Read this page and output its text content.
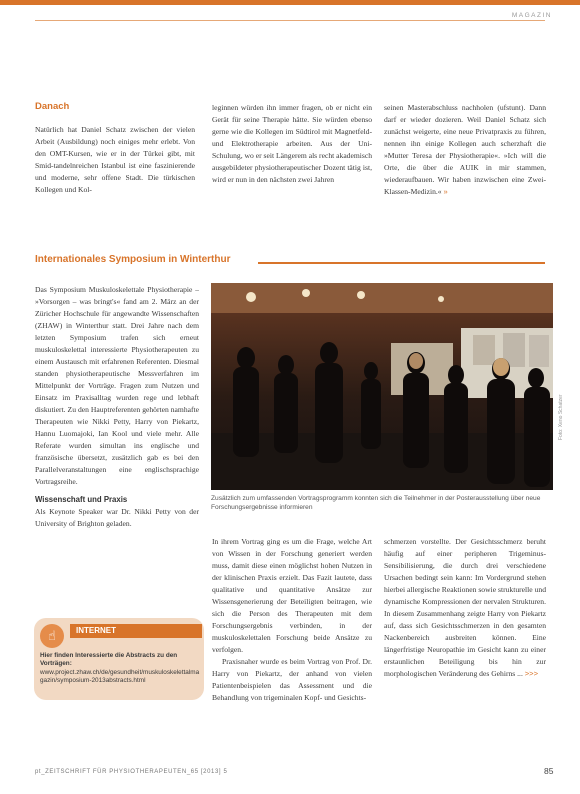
MAGAZIN
Danach

Natürlich hat Daniel Schatz zwischen der vielen Arbeit (Ausbildung) noch einiges mehr erlebt. Von den OMT-Kursen, wie er in der Türkei gibt, mit Smid-tandelnreichen Istanbul ist eine faszinierende und moderne, sehr offene Stadt. Die türkischen Kollegen und Kol-

leginnen würden ihn immer fragen, ob er nicht ein Gerät für seine Therapie hätte. Sie würden ebenso gerne wie die Kollegen im Südtirol mit Magnetfeld- und Elektrotherapie arbeiten. Aus der Uni-Schulung, wo er seit Längerem als recht akademisch ausgebildeter physiotherapeutischer Dozent tätig ist, wird er nun in den nächsten zwei Jahren

seinen Masterabschluss nachholen (ufstunt). Dann darf er wieder dozieren. Weil Daniel Schatz sich zunächst weigerte, eine neue Privatpraxis zu führen, nennen ihn einige Kollegen auch scherzhaft die »Mutter Teresa der Physiotherapie«. »Ich will die Orte, die über die AUIK in mir stammen, wiederaufbauen. Wir haben inzwischen eine Zwei-Klassen-Medizin.« »

Internationales Symposium in Winterthur

Das Symposium Muskuloskelettale Physiotherapie – »Vorsorgen – was bringt's« fand am 2. März an der Züricher Hochschule für angewandte Wissenschaften (ZHAW) in Winterthur statt. Drei Jahre nach dem letzten Symposium trafen sich erneut muskuloskelettal interessierte Physiotherapeuten zu einem Austausch mit erfahrenen Referenten. Diesmal standen physiotherapeutische Messverfahren im Mittelpunkt der Vorträge. Fragen zum Nutzen und Einsatz im Praxisalltag wurden rege und lebhaft diskutiert. Zu den Hauptreferenten gehörten namhafte Therapeuten wie Nikki Petty, Harry von Piekartz, Hannu Luomajoki, Ian Kool und viele mehr. Alle Referate wurden simultan ins englische und französische übersetzt, zusätzlich gab es bei den Parallelveranstaltungen eine englischsprachige Vortragsreihe.

Wissenschaft und Praxis

Als Keynote Speaker war Dr. Nikki Petty von der University of Brighton geladen.

Foto: Xeno Schatzer
Zusätzlich zum umfassenden Vortragsprogramm konnten sich die Teilnehmer in der Posterausstellung über neue Forschungsergebnisse informieren

In ihrem Vortrag ging es um die Frage, welche Art von Wissen in der Forschung generiert werden muss, damit diese einen möglichst hohen Nutzen in der klinischen Praxis erzielt. Das Fazit lautete, dass qualitative und quantitative Ansätze zur Wissensgenerierung der Beteiligten beitragen, wie sich die Person des Therapeuten mit dem Forschungsergebnis verbinden, in der muskuloskelettalen Forschung beide Ansätze zu verfolgen.

Praxisnaher wurde es beim Vortrag von Prof. Dr. Harry von Piekartz, der anhand von vielen Patientenbeispielen das Assessment und die Behandlung von trigeminalen Kopf- und Gesichts-

schmerzen vorstellte. Der Gesichtsschmerz beruht häufig auf einer peripheren Trigeminus-Sensibilisierung, die durch drei verschiedene Ursachen bedingt sein kann: Im Vordergrund stehen hierbei allergische Reaktionen sowie strukturelle und dynamische Kompressionen der nervalen Strukturen. In diesem Zusammenhang zeigte Harry von Piekartz auf, dass sich Gesichtsschmerzen in den gesamten Nackenbereich ausbreiten können. Eine längerfristige Neuropathie im Gesicht kann zu einer erstaunlichen Beteiligung bis hin zur morphologischen Veränderung des Gehirns ... >>>

☝	INTERNET
Hier finden Interessierte die Abstracts zu den Vorträgen:
www.project.zhaw.ch/de/gesundheit/muskuloskelettalmagazin/symposium-2013abstracts.html
pt_ZEITSCHRIFT FÜR PHYSIOTHERAPEUTEN_65 [2013] 5	85
